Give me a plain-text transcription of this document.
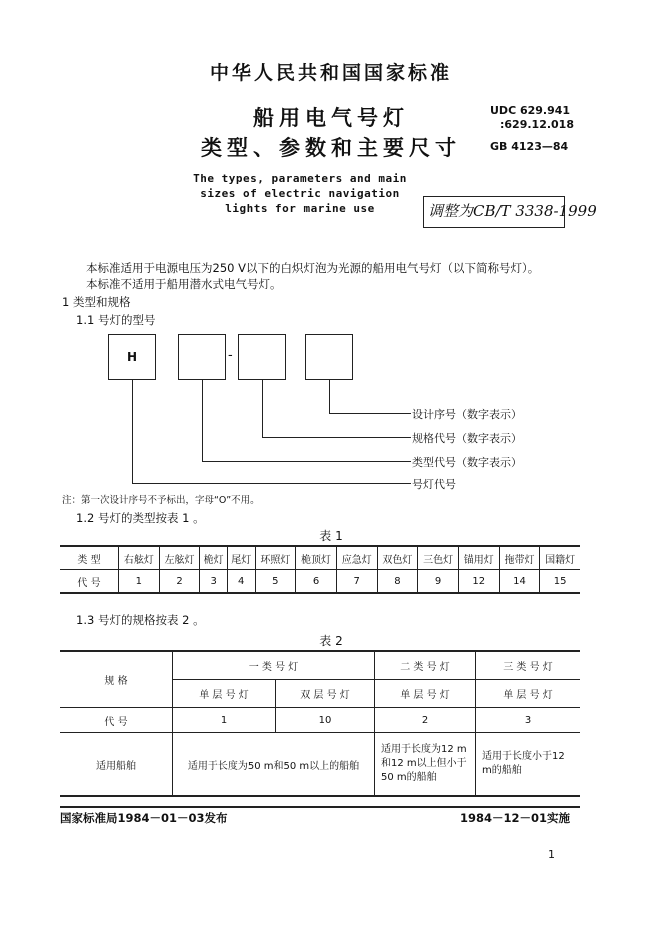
中华人民共和国国家标准
船用电气号灯
类型、参数和主要尺寸
The types, parameters and main
sizes of electric navigation
lights for marine use
UDC 629.941
:629.12.018
GB 4123—84
调整为CB/T 3338-1999
本标准适用于电源电压为250 V以下的白炽灯泡为光源的船用电气号灯（以下简称号灯）。
本标准不适用于船用潜水式电气号灯。
1 类型和规格
1.1 号灯的型号
H	-
设计序号（数字表示）
规格代号（数字表示）
类型代号（数字表示）
号灯代号
注：第一次设计序号不予标出，字母“O”不用。
1.2 号灯的类型按表 1 。
表 1
类 型	右舷灯	左舷灯	桅灯	尾灯	环照灯	桅顶灯	应急灯	双色灯	三色灯	锚用灯	拖带灯	国籍灯
代 号	1	2	3	4	5	6	7	8	9	12	14	15
1.3 号灯的规格按表 2 。
表 2
规 格	一 类 号 灯		二 类 号 灯	三 类 号 灯
	单 层 号 灯	双 层 号 灯	单 层 号 灯	单 层 号 灯
代 号	1	10	2	3
适用船舶	适用于长度为50 m和50 m以上的船舶		适用于长度为12 m和12 m以上但小于50 m的船舶	适用于长度小于12 m的船舶
国家标准局1984－01－03发布	1984－12－01实施
1
